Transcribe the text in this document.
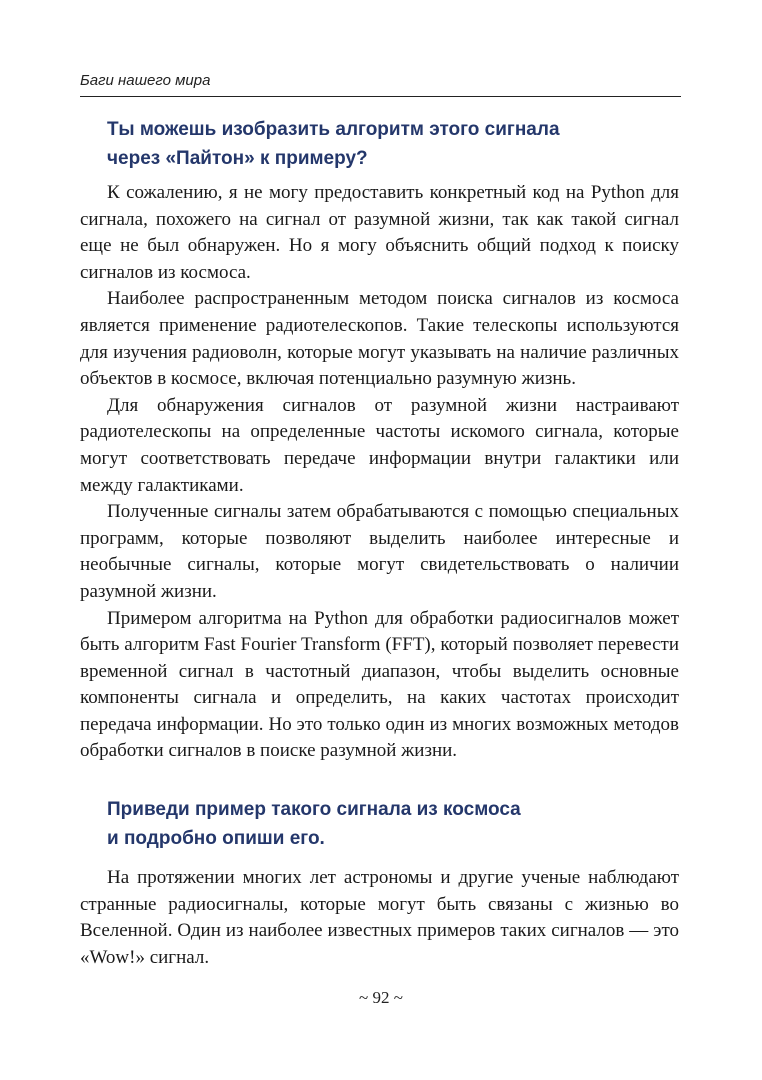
Баги нашего мира
Ты можешь изобразить алгоритм этого сигнала
через «Пайтон» к примеру?

К сожалению, я не могу предоставить конкретный код на Python для сигнала, похожего на сигнал от разумной жизни, так как такой сигнал еще не был обнаружен. Но я могу объяснить общий подход к поиску сигналов из космоса.

Наиболее распространенным методом поиска сигналов из космоса является применение радиотелескопов. Такие телескопы используются для изучения радиоволн, которые могут указывать на наличие различных объектов в космосе, включая потенциально разумную жизнь.

Для обнаружения сигналов от разумной жизни настраивают радиотелескопы на определенные частоты искомого сигнала, которые могут соответствовать передаче информации внутри галактики или между галактиками.

Полученные сигналы затем обрабатываются с помощью специальных программ, которые позволяют выделить наиболее интересные и необычные сигналы, которые могут свидетельствовать о наличии разумной жизни.

Примером алгоритма на Python для обработки радиосигналов может быть алгоритм Fast Fourier Transform (FFT), который позволяет перевести временной сигнал в частотный диапазон, чтобы выделить основные компоненты сигнала и определить, на каких частотах происходит передача информации. Но это только один из многих возможных методов обработки сигналов в поиске разумной жизни.

Приведи пример такого сигнала из космоса
и подробно опиши его.

На протяжении многих лет астрономы и другие ученые наблюдают странные радиосигналы, которые могут быть связаны с жизнью во Вселенной. Один из наиболее известных примеров таких сигналов — это «Wow!» сигнал.

~ 92 ~
